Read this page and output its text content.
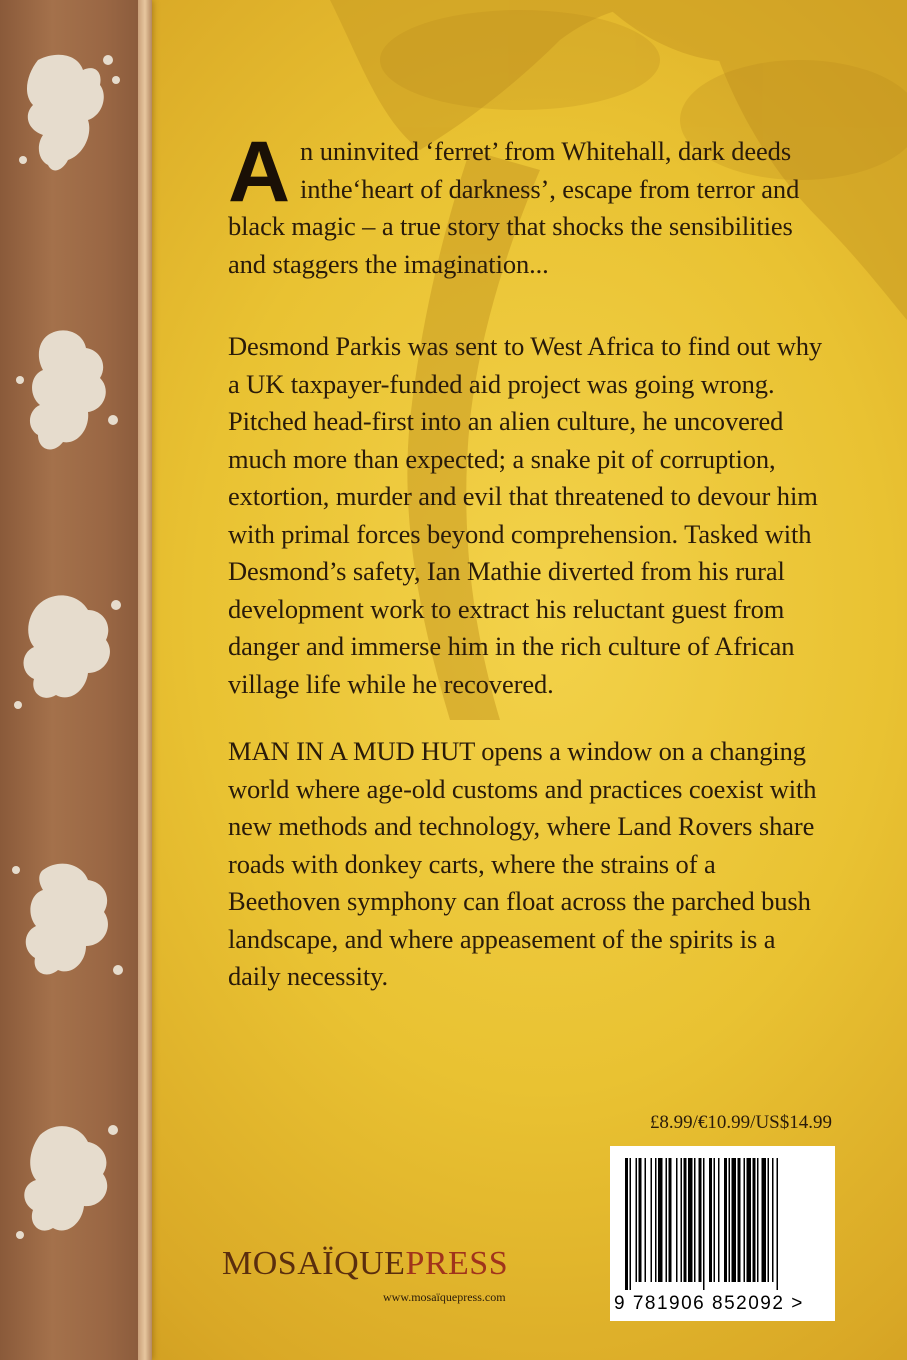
A n uninvited ‘ferret’ from Whitehall, dark deeds inthe‘heart of darkness’, escape from terror and black magic – a true story that shocks the sensibilities and staggers the imagination...

Desmond Parkis was sent to West Africa to find out why a UK taxpayer-funded aid project was going wrong. Pitched head-first into an alien culture, he uncovered much more than expected; a snake pit of corruption, extortion, murder and evil that threatened to devour him with primal forces beyond comprehension. Tasked with Desmond’s safety, Ian Mathie diverted from his rural development work to extract his reluctant guest from danger and immerse him in the rich culture of African village life while he recovered.

MAN IN A MUD HUT opens a window on a changing world where age-old customs and practices coexist with new methods and technology, where Land Rovers share roads with donkey carts, where the strains of a Beethoven symphony can float across the parched bush landscape, and where appeasement of the spirits is a daily necessity.

£8.99/€10.99/US$14.99
9 781906 852092 >
MOSAÏQUEPRESS
www.mosaïquepress.com
